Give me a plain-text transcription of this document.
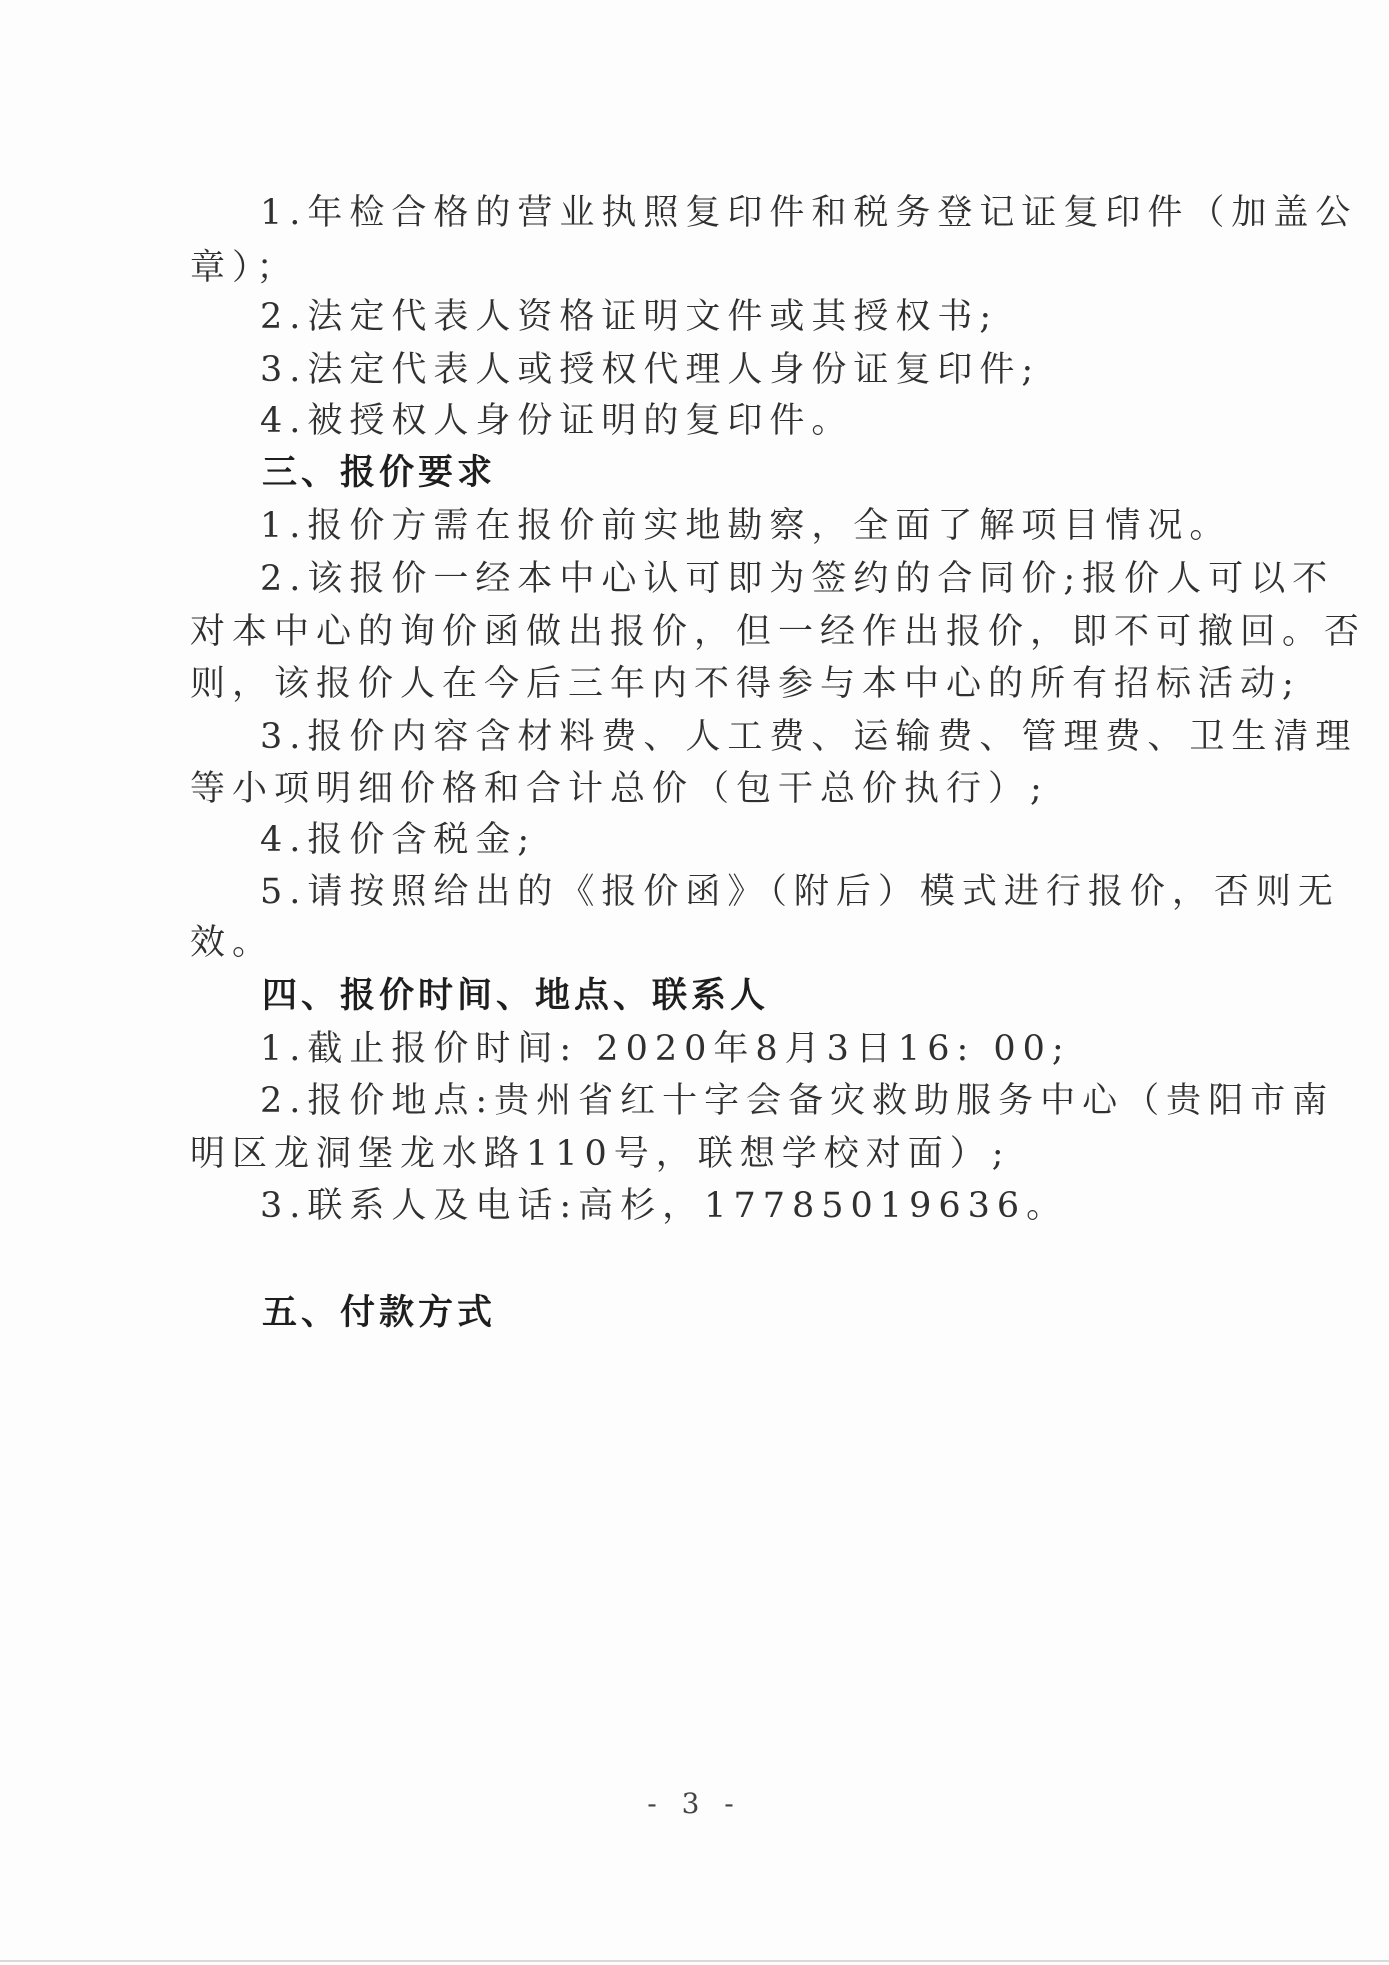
1.年检合格的营业执照复印件和税务登记证复印件（加盖公
章）；
2.法定代表人资格证明文件或其授权书;
3.法定代表人或授权代理人身份证复印件;
4.被授权人身份证明的复印件。
三、报价要求
1.报价方需在报价前实地勘察，全面了解项目情况。
2.该报价一经本中心认可即为签约的合同价;报价人可以不
对本中心的询价函做出报价，但一经作出报价，即不可撤回。否
则，该报价人在今后三年内不得参与本中心的所有招标活动;
3.报价内容含材料费、人工费、运输费、管理费、卫生清理
等小项明细价格和合计总价（包干总价执行）;
4.报价含税金;
5.请按照给出的《报价函》（附后）模式进行报价，否则无
效。
四、报价时间、地点、联系人
1.截止报价时间: 2020年8月3日16: 00;
2.报价地点:贵州省红十字会备灾救助服务中心（贵阳市南
明区龙洞堡龙水路110号，联想学校对面）;
3.联系人及电话:高杉，17785019636。
五、付款方式
- 3 -
